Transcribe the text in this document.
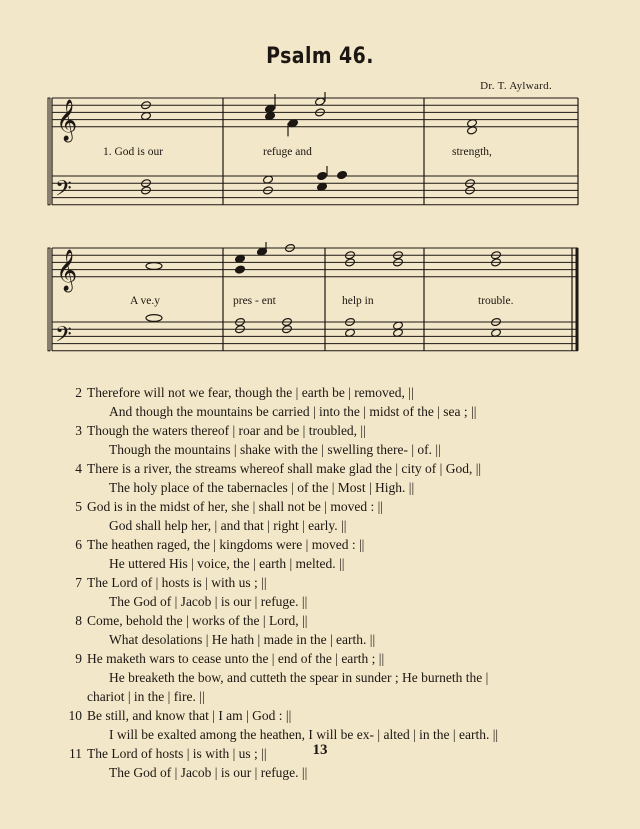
Psalm 46.
Dr. T. Aylward.
𝄞
𝄞
𝄢
𝄢
1. God is our	refuge and	strength,
A ve.y	pres - ent	help in	trouble.
2 Therefore will not we fear, though the | earth be | removed, ||
And though the mountains be carried | into the | midst of the | sea ; ||
3 Though the waters thereof | roar and be | troubled, ||
Though the mountains | shake with the | swelling there- | of. ||
4 There is a river, the streams whereof shall make glad the | city of | God, ||
The holy place of the tabernacles | of the | Most | High. ||
5 God is in the midst of her, she | shall not be | moved : ||
God shall help her, | and that | right | early. ||
6 The heathen raged, the | kingdoms were | moved : ||
He uttered His | voice, the | earth | melted. ||
7 The Lord of | hosts is | with us ; ||
The God of | Jacob | is our | refuge. ||
8 Come, behold the | works of the | Lord, ||
What desolations | He hath | made in the | earth. ||
9 He maketh wars to cease unto the | end of the | earth ; ||
He breaketh the bow, and cutteth the spear in sunder ; He burneth the |
chariot | in the | fire. ||
10 Be still, and know that | I am | God : ||
I will be exalted among the heathen, I will be ex- | alted | in the | earth. ||
11 The Lord of hosts | is with | us ; ||
The God of | Jacob | is our | refuge. ||
13
